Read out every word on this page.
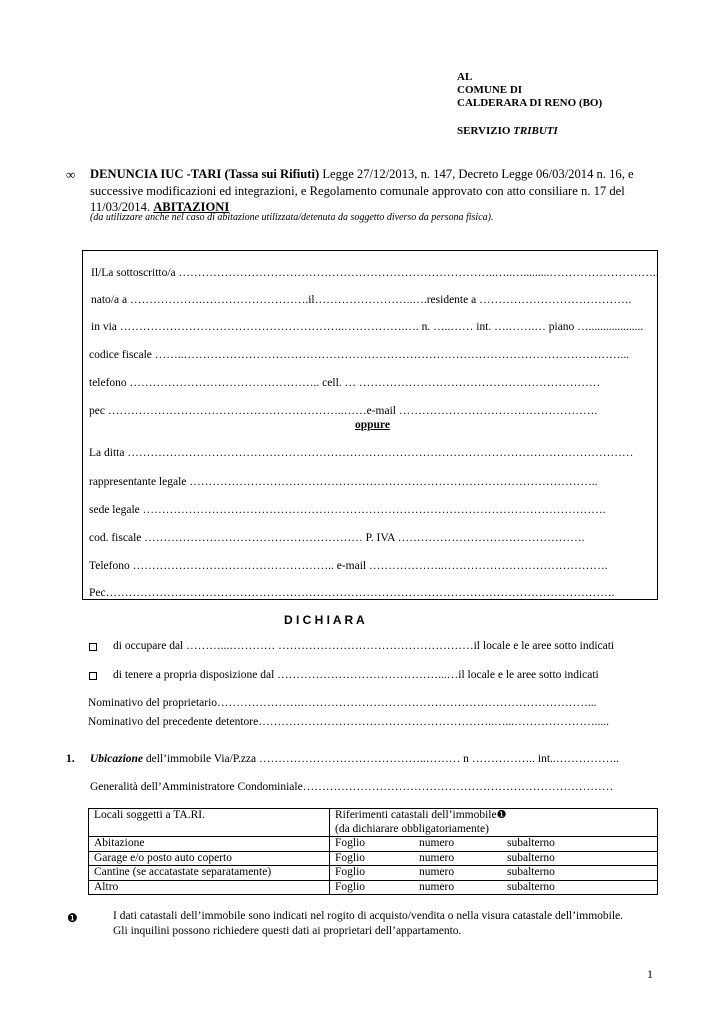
AL
COMUNE DI
CALDERARA DI RENO (BO)
SERVIZIO TRIBUTI
∞ DENUNCIA IUC -TARI (Tassa sui Rifiuti) Legge 27/12/2013, n. 147, Decreto Legge 06/03/2014 n. 16, e successive modificazioni ed integrazioni, e Regolamento comunale approvato con atto consiliare n. 17 del 11/03/2014. ABITAZIONI
(da utilizzare anche nel caso di abitazione utilizzata/detenuta da soggetto diverso da persona fisica).
Il/La sottoscritto/a ………………………………………………………………………..…..….........………………………..
nato/a a ……………….……………………….il……………………..….residente a ………………………………….
in via …………………………………………………..…………….…. n. …..…… int. ….…….… piano …...................
codice fiscale ……..……………………………………………………………………………………………………...
telefono ………………………………………….. cell. … ………………………………………………………
pec ……………………………………………………..……e-mail …………………………………………….
oppure
La ditta ……………………………………………………………………………………………………………………
rappresentante legale ……………………………………………………………………………………………..
sede legale ………………………………………………………………………………………………………….
cod. fiscale ………………………………………………… P. IVA ………………………………………….
Telefono …………………………………………….. e-mail ………………..…………………………………….
Pec…………………………………………………………………………………………………………………….
D I C H I A R A
di occupare dal ………...………… ……………………………………………il locale e le aree sotto indicati
di tenere a propria disposizione dal ……………………………………...…il locale e le aree sotto indicati
Nominativo del proprietario………………….…………………………………………………………………...
Nominativo del precedente detentore……………………………………………………..…...………………….....
1. Ubicazione dell’immobile Via/P.zza ……………………………………..……… n …………….. int..……………..
Generalità dell’Amministratore Condominiale………………………………………………………………………
Locali soggetti a TA.RI.	Riferimenti catastali dell’immobile❶
(da dichiarare obbligatoriamente)
Abitazione	Foglio numero subalterno
Garage e/o posto auto coperto	Foglio numero subalterno
Cantine (se accatastate separatamente)	Foglio numero subalterno
Altro	Foglio numero subalterno
❶	I dati catastali dell’immobile sono indicati nel rogito di acquisto/vendita o nella visura catastale dell’immobile.
Gli inquilini possono richiedere questi dati ai proprietari dell’appartamento.
1
